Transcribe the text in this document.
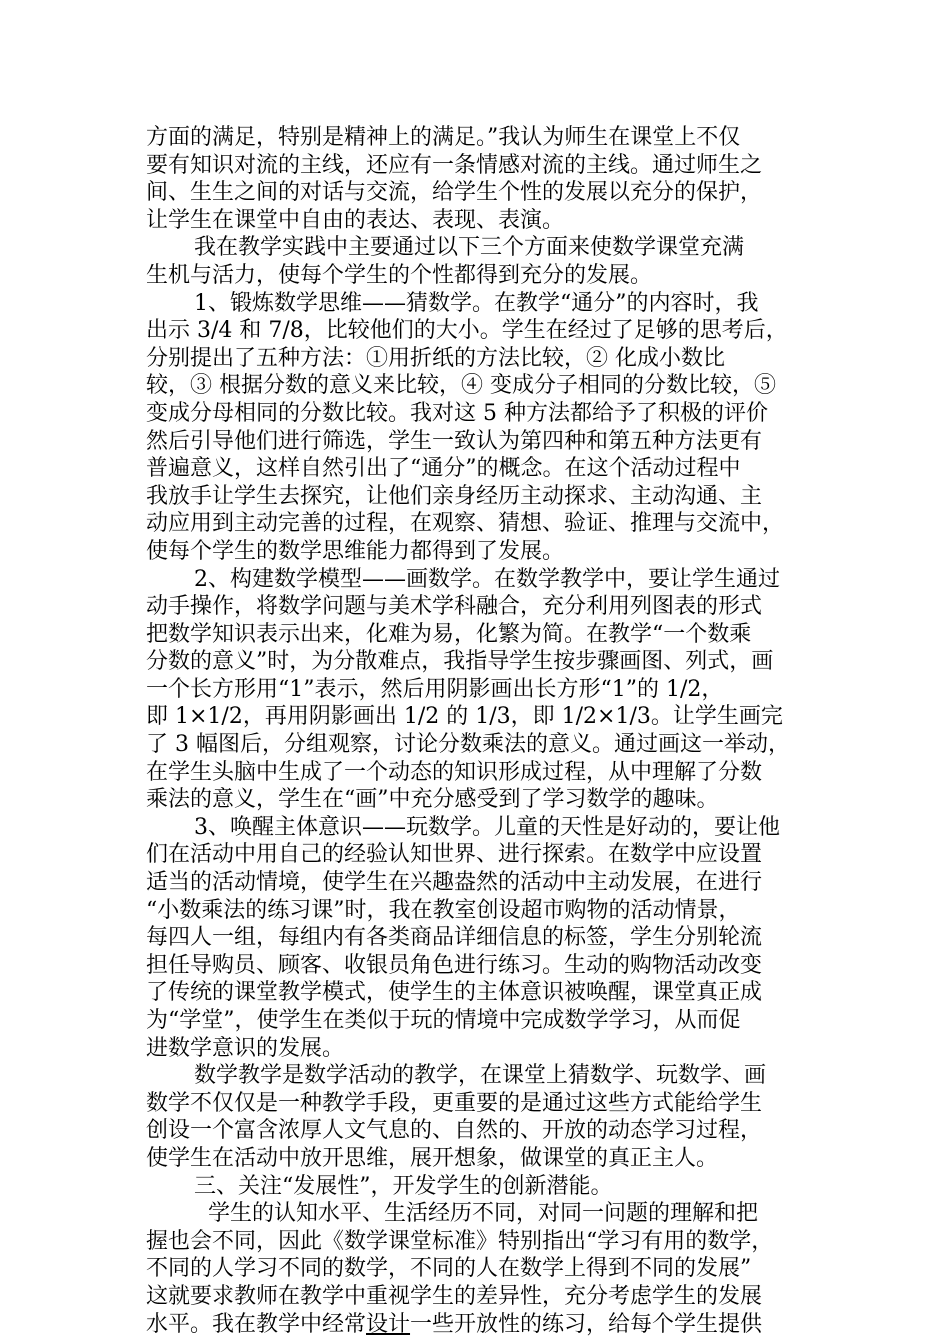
方面的满足，特别是精神上的满足。”我认为师生在课堂上不仅
要有知识对流的主线，还应有一条情感对流的主线。通过师生之
间、生生之间的对话与交流，给学生个性的发展以充分的保护，
让学生在课堂中自由的表达、表现、表演。
我在教学实践中主要通过以下三个方面来使数学课堂充满
生机与活力，使每个学生的个性都得到充分的发展。
1、锻炼数学思维——猜数学。在教学“通分”的内容时，我
出示 3/4 和 7/8，比较他们的大小。学生在经过了足够的思考后，
分别提出了五种方法：①用折纸的方法比较，② 化成小数比
较，③ 根据分数的意义来比较，④ 变成分子相同的分数比较，⑤
变成分母相同的分数比较。我对这 5 种方法都给予了积极的评价
然后引导他们进行筛选，学生一致认为第四种和第五种方法更有
普遍意义，这样自然引出了“通分”的概念。在这个活动过程中
我放手让学生去探究，让他们亲身经历主动探求、主动沟通、主
动应用到主动完善的过程，在观察、猜想、验证、推理与交流中，
使每个学生的数学思维能力都得到了发展。
2、构建数学模型——画数学。在数学教学中，要让学生通过
动手操作，将数学问题与美术学科融合，充分利用列图表的形式
把数学知识表示出来，化难为易，化繁为简。在教学“一个数乘
分数的意义”时，为分散难点，我指导学生按步骤画图、列式，画
一个长方形用“1”表示，然后用阴影画出长方形“1”的 1/2，
即 1×1/2，再用阴影画出 1/2 的 1/3，即 1/2×1/3。让学生画完
了 3 幅图后，分组观察，讨论分数乘法的意义。通过画这一举动，
在学生头脑中生成了一个动态的知识形成过程，从中理解了分数
乘法的意义，学生在“画”中充分感受到了学习数学的趣味。
3、唤醒主体意识——玩数学。儿童的天性是好动的，要让他
们在活动中用自己的经验认知世界、进行探索。在数学中应设置
适当的活动情境，使学生在兴趣盎然的活动中主动发展，在进行
“小数乘法的练习课”时，我在教室创设超市购物的活动情景，
每四人一组，每组内有各类商品详细信息的标签，学生分别轮流
担任导购员、顾客、收银员角色进行练习。生动的购物活动改变
了传统的课堂教学模式，使学生的主体意识被唤醒，课堂真正成
为“学堂”，使学生在类似于玩的情境中完成数学学习，从而促
进数学意识的发展。
数学教学是数学活动的教学，在课堂上猜数学、玩数学、画
数学不仅仅是一种教学手段，更重要的是通过这些方式能给学生
创设一个富含浓厚人文气息的、自然的、开放的动态学习过程，
使学生在活动中放开思维，展开想象，做课堂的真正主人。
三、关注“发展性”，开发学生的创新潜能。
学生的认知水平、生活经历不同，对同一问题的理解和把
握也会不同，因此《数学课堂标准》特别指出“学习有用的数学，
不同的人学习不同的数学，不同的人在数学上得到不同的发展”
这就要求教师在教学中重视学生的差异性，充分考虑学生的发展
水平。我在教学中经常设计一些开放性的练习，给每个学生提供
